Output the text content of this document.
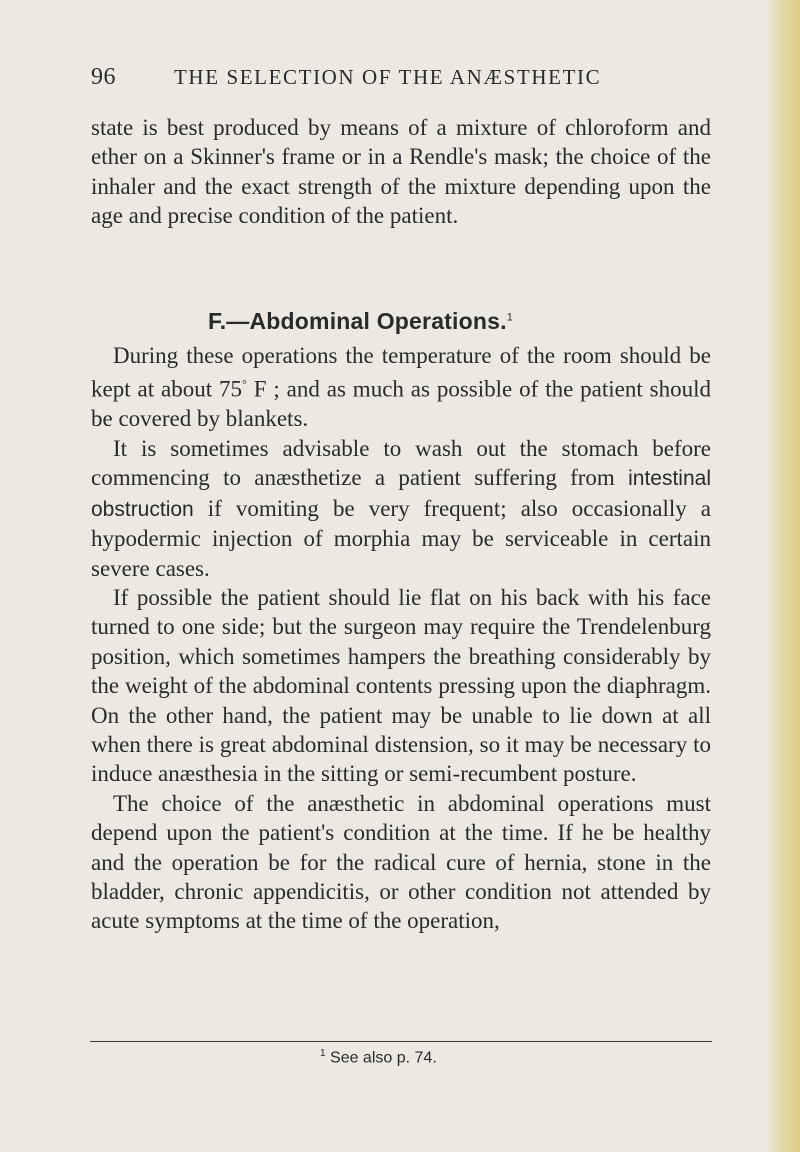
96	THE SELECTION OF THE ANÆSTHETIC

state is best produced by means of a mixture of chloroform and ether on a Skinner's frame or in a Rendle's mask; the choice of the inhaler and the exact strength of the mixture depending upon the age and precise condition of the patient.

F.—Abdominal Operations.$^1$

During these operations the temperature of the room should be kept at about 75° F ; and as much as possible of the patient should be covered by blankets.

It is sometimes advisable to wash out the stomach before commencing to anæsthetize a patient suffering from intestinal obstruction if vomiting be very frequent; also occasionally a hypodermic injection of morphia may be serviceable in certain severe cases.

If possible the patient should lie flat on his back with his face turned to one side; but the surgeon may require the Trendelenburg position, which sometimes hampers the breathing considerably by the weight of the abdominal contents pressing upon the diaphragm. On the other hand, the patient may be unable to lie down at all when there is great abdominal distension, so it may be necessary to induce anæsthesia in the sitting or semi-recumbent posture.

The choice of the anæsthetic in abdominal operations must depend upon the patient's condition at the time. If he be healthy and the operation be for the radical cure of hernia, stone in the bladder, chronic appendicitis, or other condition not attended by acute symptoms at the time of the operation,

$^1$ See also p. 74.
